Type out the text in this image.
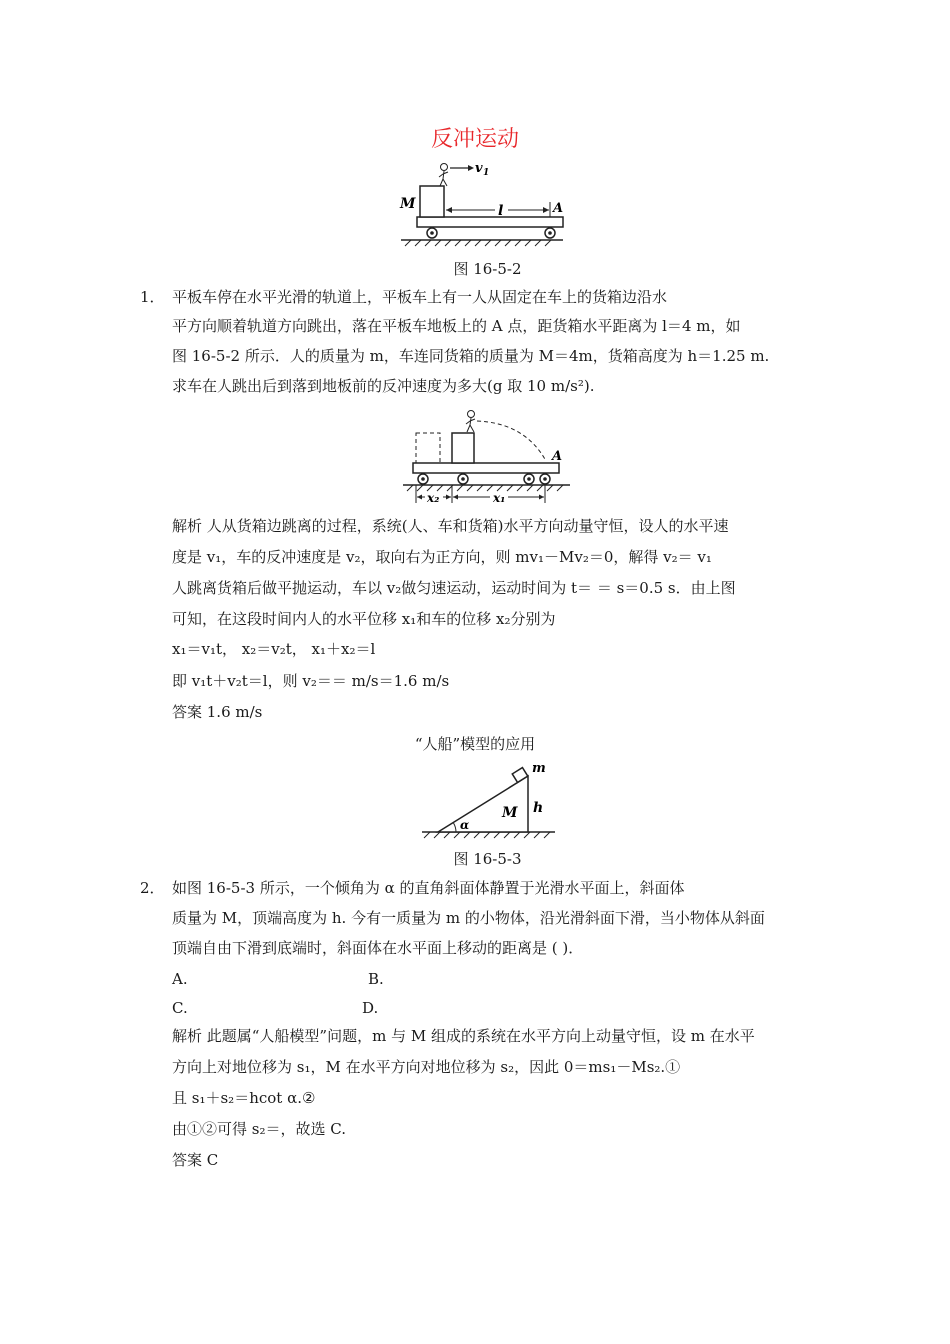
反冲运动
v 1
M	l	A
图 16-5-2
1． 平板车停在水平光滑的轨道上，平板车上有一人从固定在车上的货箱边沿水
平方向顺着轨道方向跳出，落在平板车地板上的 A 点，距货箱水平距离为 l＝4 m，如
图 16-5-2 所示．人的质量为 m，车连同货箱的质量为 M＝4m，货箱高度为 h＝1.25 m.
求车在人跳出后到落到地板前的反冲速度为多大(g 取 10 m/s²).
A
x₂	x₁
解析 人从货箱边跳离的过程，系统(人、车和货箱)水平方向动量守恒，设人的水平速
度是 v₁，车的反冲速度是 v₂，取向右为正方向，则 mv₁－Mv₂＝0，解得 v₂＝ v₁
人跳离货箱后做平抛运动，车以 v₂做匀速运动，运动时间为 t＝ ＝ s＝0.5 s．由上图
可知，在这段时间内人的水平位移 x₁和车的位移 x₂分别为
x₁＝v₁t， x₂＝v₂t， x₁＋x₂＝l
即 v₁t＋v₂t＝l，则 v₂＝＝ m/s＝1.6 m/s
答案 1.6 m/s
“人船”模型的应用
m
M h
α
图 16-5-3
2． 如图 16-5-3 所示，一个倾角为 α 的直角斜面体静置于光滑水平面上，斜面体
质量为 M，顶端高度为 h. 今有一质量为 m 的小物体，沿光滑斜面下滑，当小物体从斜面
顶端自由下滑到底端时，斜面体在水平面上移动的距离是 ( )．
A.	B.
C.	D.
解析 此题属“人船模型”问题，m 与 M 组成的系统在水平方向上动量守恒，设 m 在水平
方向上对地位移为 s₁，M 在水平方向对地位移为 s₂，因此 0＝ms₁－Ms₂.①
且 s₁＋s₂＝hcot α.②
由①②可得 s₂＝，故选 C.
答案 C
